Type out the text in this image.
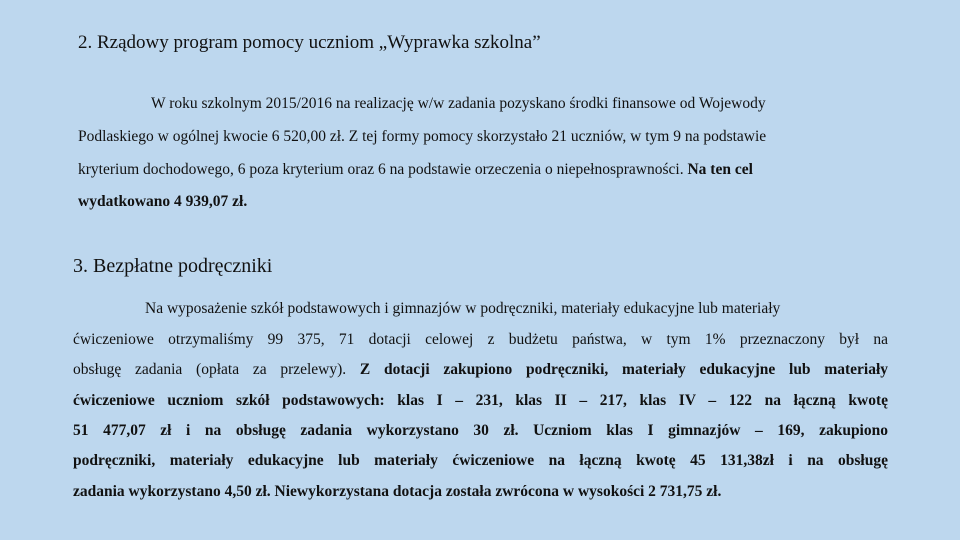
2. Rządowy program pomocy uczniom „Wyprawka szkolna”
W roku szkolnym 2015/2016 na realizację w/w zadania pozyskano środki finansowe od Wojewody
Podlaskiego w ogólnej kwocie 6 520,00 zł. Z tej formy pomocy skorzystało 21 uczniów, w tym 9 na podstawie
kryterium dochodowego, 6 poza kryterium oraz 6 na podstawie orzeczenia o niepełnosprawności. Na ten cel
wydatkowano 4 939,07 zł.
3. Bezpłatne podręczniki
Na wyposażenie szkół podstawowych i gimnazjów w podręczniki, materiały edukacyjne lub materiały
ćwiczeniowe otrzymaliśmy 99 375, 71 dotacji celowej z budżetu państwa, w tym 1% przeznaczony był na
obsługę zadania (opłata za przelewy). Z dotacji zakupiono podręczniki, materiały edukacyjne lub materiały
ćwiczeniowe uczniom szkół podstawowych: klas I – 231, klas II – 217, klas IV – 122 na łączną kwotę
51 477,07 zł i na obsługę zadania wykorzystano 30 zł. Uczniom klas I gimnazjów – 169, zakupiono
podręczniki, materiały edukacyjne lub materiały ćwiczeniowe na łączną kwotę 45 131,38zł i na obsługę
zadania wykorzystano 4,50 zł. Niewykorzystana dotacja została zwrócona w wysokości 2 731,75 zł.
